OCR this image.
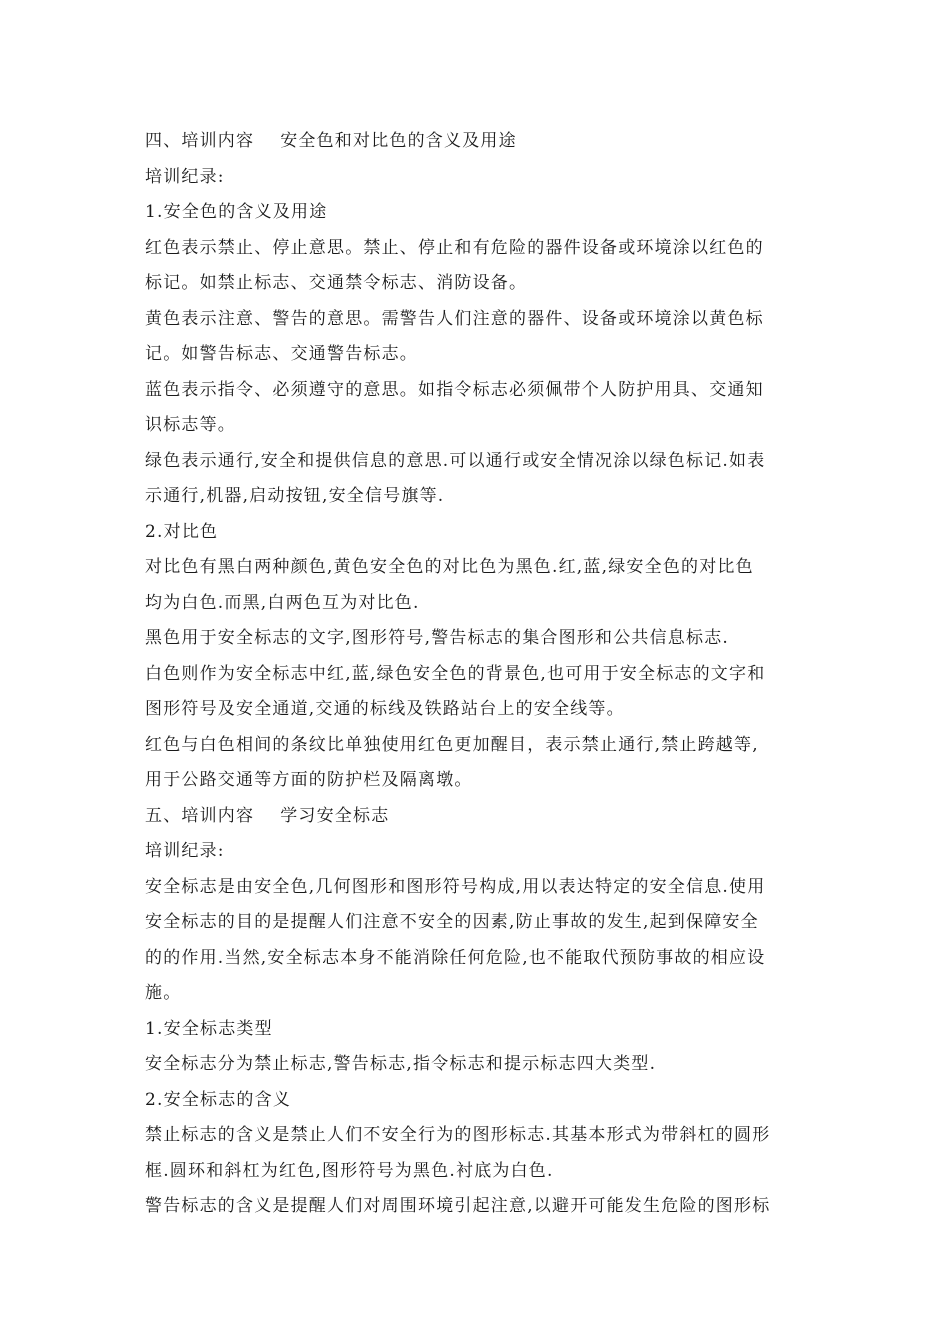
四、培训内容 安全色和对比色的含义及用途
培训纪录:
1.安全色的含义及用途
红色表示禁止、停止意思。禁止、停止和有危险的器件设备或环境涂以红色的
标记。如禁止标志、交通禁令标志、消防设备。
黄色表示注意、警告的意思。需警告人们注意的器件、设备或环境涂以黄色标
记。如警告标志、交通警告标志。
蓝色表示指令、必须遵守的意思。如指令标志必须佩带个人防护用具、交通知
识标志等。
绿色表示通行,安全和提供信息的意思.可以通行或安全情况涂以绿色标记.如表
示通行,机器,启动按钮,安全信号旗等.
2.对比色
对比色有黑白两种颜色,黄色安全色的对比色为黑色.红,蓝,绿安全色的对比色
均为白色.而黑,白两色互为对比色.
黑色用于安全标志的文字,图形符号,警告标志的集合图形和公共信息标志.
白色则作为安全标志中红,蓝,绿色安全色的背景色,也可用于安全标志的文字和
图形符号及安全通道,交通的标线及铁路站台上的安全线等。
红色与白色相间的条纹比单独使用红色更加醒目，表示禁止通行,禁止跨越等,
用于公路交通等方面的防护栏及隔离墩。
五、培训内容 学习安全标志
培训纪录:
安全标志是由安全色,几何图形和图形符号构成,用以表达特定的安全信息.使用
安全标志的目的是提醒人们注意不安全的因素,防止事故的发生,起到保障安全
的的作用.当然,安全标志本身不能消除任何危险,也不能取代预防事故的相应设
施。
1.安全标志类型
安全标志分为禁止标志,警告标志,指令标志和提示标志四大类型.
2.安全标志的含义
禁止标志的含义是禁止人们不安全行为的图形标志.其基本形式为带斜杠的圆形
框.圆环和斜杠为红色,图形符号为黑色.衬底为白色.
警告标志的含义是提醒人们对周围环境引起注意,以避开可能发生危险的图形标
